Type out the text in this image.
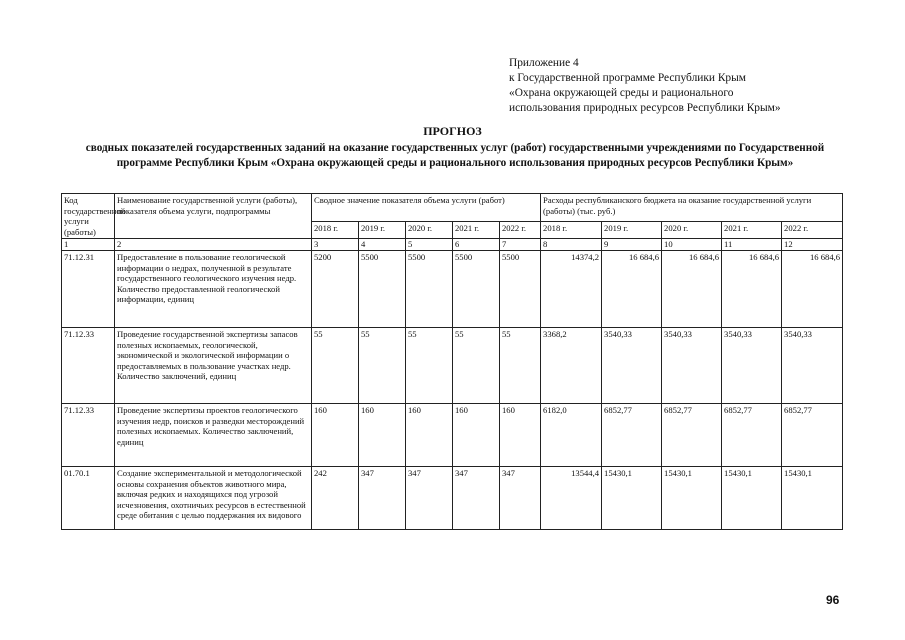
Приложение 4
к Государственной программе Республики Крым
«Охрана окружающей среды и рационального
использования природных ресурсов Республики Крым»
ПРОГНОЗ
сводных показателей государственных заданий на оказание государственных услуг (работ) государственными учреждениями по Государственной программе Республики Крым «Охрана окружающей среды и рационального использования природных ресурсов Республики Крым»
Код государственной услуги (работы)	Наименование государственной услуги (работы), показателя объема услуги, подпрограммы	Сводное значение показателя объема услуги (работ)					Расходы республиканского бюджета на оказание государственной услуги (работы) (тыс. руб.)				
		2018 г.	2019 г.	2020 г.	2021 г.	2022 г.	2018 г.	2019 г.	2020 г.	2021 г.	2022 г.
1	2	3	4	5	6	7	8	9	10	11	12
71.12.31	Предоставление в пользование геологической информации о недрах, полученной в результате государственного геологического изучения недр. Количество предоставленной геологической информации, единиц	5200	5500	5500	5500	5500	14374,2	16 684,6	16 684,6	16 684,6	16 684,6
71.12.33	Проведение государственной экспертизы запасов полезных ископаемых, геологической, экономической и экологической информации о предоставляемых в пользование участках недр. Количество заключений, единиц	55	55	55	55	55	3368,2	3540,33	3540,33	3540,33	3540,33
71.12.33	Проведение экспертизы проектов геологического изучения недр, поисков и разведки месторождений полезных ископаемых. Количество заключений, единиц	160	160	160	160	160	6182,0	6852,77	6852,77	6852,77	6852,77
01.70.1	Создание экспериментальной и методологической основы сохранения объектов животного мира, включая редких и находящихся под угрозой исчезновения, охотничьих ресурсов в естественной среде обитания с целью поддержания их видового	242	347	347	347	347	13544,4	15430,1	15430,1	15430,1	15430,1
96
